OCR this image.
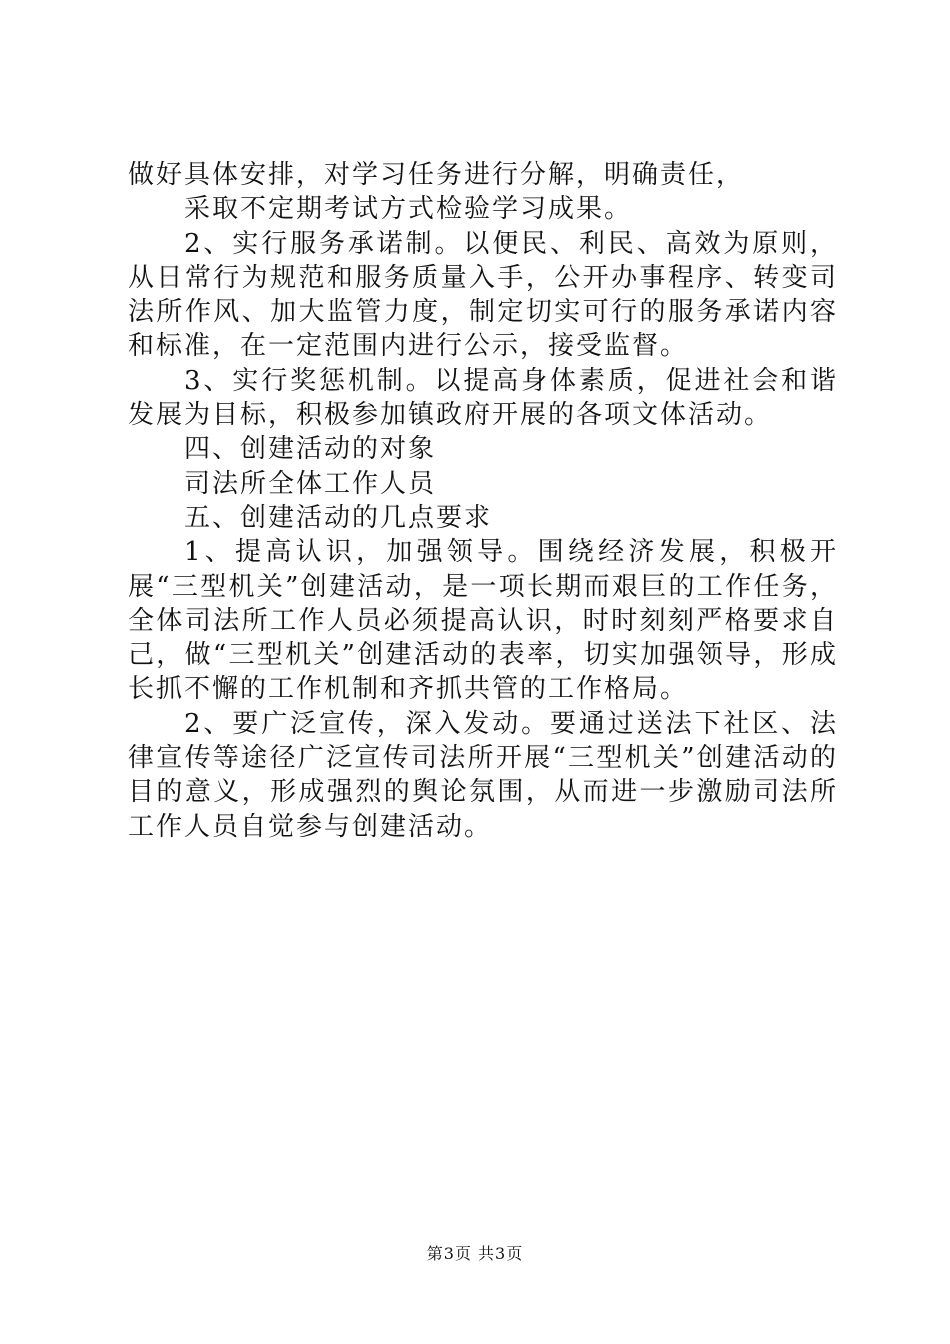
做好具体安排，对学习任务进行分解，明确责任，

采取不定期考试方式检验学习成果。

2、实行服务承诺制。以便民、利民、高效为原则，从日常行为规范和服务质量入手，公开办事程序、转变司法所作风、加大监管力度，制定切实可行的服务承诺内容和标准，在一定范围内进行公示，接受监督。

3、实行奖惩机制。以提高身体素质，促进社会和谐发展为目标，积极参加镇政府开展的各项文体活动。

四、创建活动的对象

司法所全体工作人员

五、创建活动的几点要求

1、提高认识，加强领导。围绕经济发展，积极开展“三型机关”创建活动，是一项长期而艰巨的工作任务，全体司法所工作人员必须提高认识，时时刻刻严格要求自己，做“三型机关”创建活动的表率，切实加强领导，形成长抓不懈的工作机制和齐抓共管的工作格局。

2、要广泛宣传，深入发动。要通过送法下社区、法律宣传等途径广泛宣传司法所开展“三型机关”创建活动的目的意义，形成强烈的舆论氛围，从而进一步激励司法所工作人员自觉参与创建活动。

第3页 共3页
